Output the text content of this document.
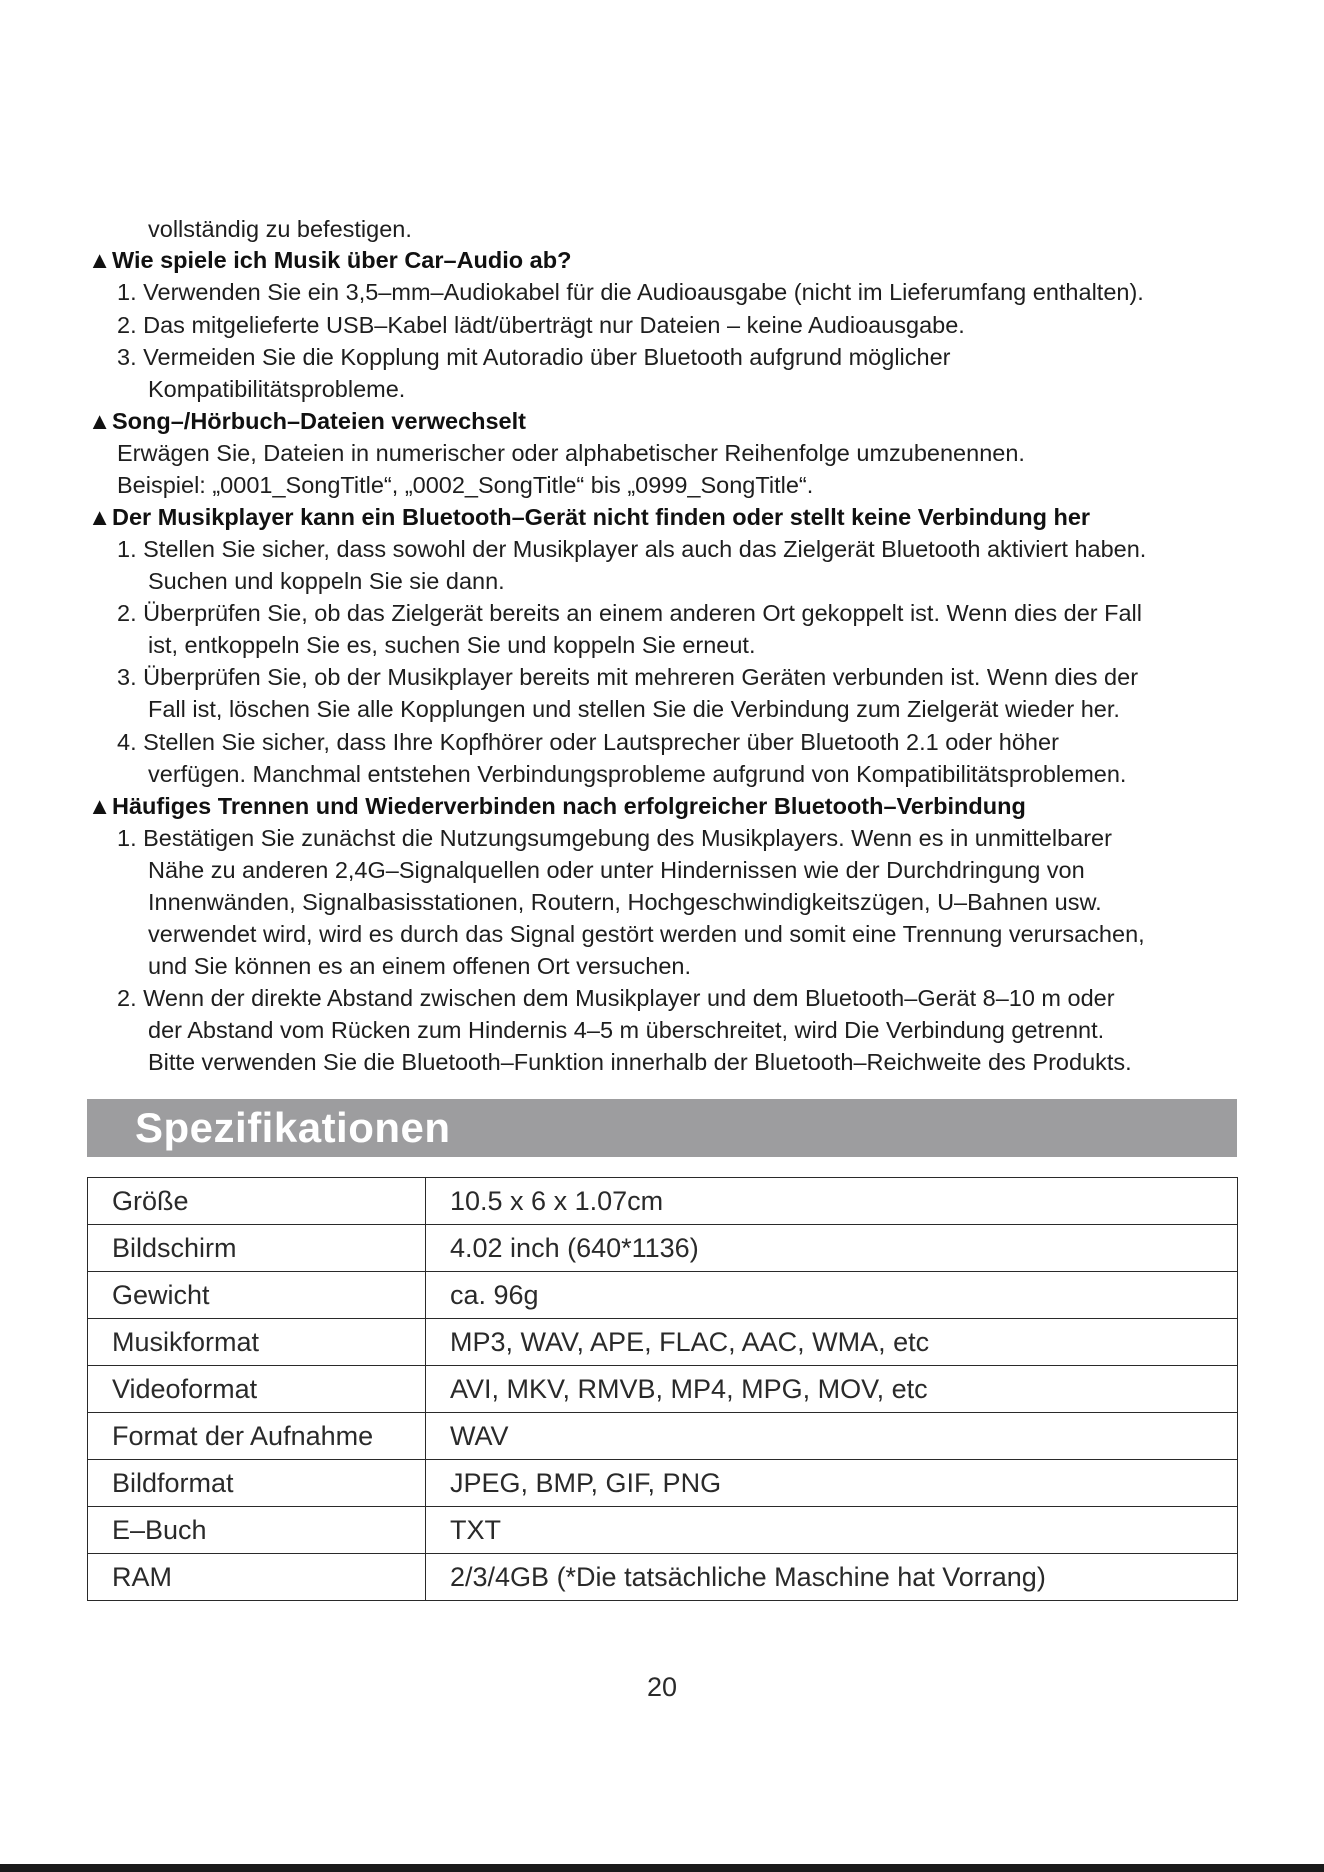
vollständig zu befestigen.
▲Wie spiele ich Musik über Car–Audio ab?
1. Verwenden Sie ein 3,5–mm–Audiokabel für die Audioausgabe (nicht im Lieferumfang enthalten).
2. Das mitgelieferte USB–Kabel lädt/überträgt nur Dateien – keine Audioausgabe.
3. Vermeiden Sie die Kopplung mit Autoradio über Bluetooth aufgrund möglicher
Kompatibilitätsprobleme.
▲Song–/Hörbuch–Dateien verwechselt
Erwägen Sie, Dateien in numerischer oder alphabetischer Reihenfolge umzubenennen.
Beispiel: „0001_SongTitle“, „0002_SongTitle“ bis „0999_SongTitle“.
▲Der Musikplayer kann ein Bluetooth–Gerät nicht finden oder stellt keine Verbindung her
1. Stellen Sie sicher, dass sowohl der Musikplayer als auch das Zielgerät Bluetooth aktiviert haben.
Suchen und koppeln Sie sie dann.
2. Überprüfen Sie, ob das Zielgerät bereits an einem anderen Ort gekoppelt ist. Wenn dies der Fall
ist, entkoppeln Sie es, suchen Sie und koppeln Sie erneut.
3. Überprüfen Sie, ob der Musikplayer bereits mit mehreren Geräten verbunden ist. Wenn dies der
Fall ist, löschen Sie alle Kopplungen und stellen Sie die Verbindung zum Zielgerät wieder her.
4. Stellen Sie sicher, dass Ihre Kopfhörer oder Lautsprecher über Bluetooth 2.1 oder höher
verfügen. Manchmal entstehen Verbindungsprobleme aufgrund von Kompatibilitätsproblemen.
▲Häufiges Trennen und Wiederverbinden nach erfolgreicher Bluetooth–Verbindung
1. Bestätigen Sie zunächst die Nutzungsumgebung des Musikplayers. Wenn es in unmittelbarer
Nähe zu anderen 2,4G–Signalquellen oder unter Hindernissen wie der Durchdringung von
Innenwänden, Signalbasisstationen, Routern, Hochgeschwindigkeitszügen, U–Bahnen usw.
verwendet wird, wird es durch das Signal gestört werden und somit eine Trennung verursachen,
und Sie können es an einem offenen Ort versuchen.
2. Wenn der direkte Abstand zwischen dem Musikplayer und dem Bluetooth–Gerät 8–10 m oder
der Abstand vom Rücken zum Hindernis 4–5 m überschreitet, wird Die Verbindung getrennt.
Bitte verwenden Sie die Bluetooth–Funktion innerhalb der Bluetooth–Reichweite des Produkts.
Spezifikationen
Größe	10.5 x 6 x 1.07cm
Bildschirm	4.02 inch (640*1136)
Gewicht	ca. 96g
Musikformat	MP3, WAV, APE, FLAC, AAC, WMA, etc
Videoformat	AVI, MKV, RMVB, MP4, MPG, MOV, etc
Format der Aufnahme	WAV
Bildformat	JPEG, BMP, GIF, PNG
E–Buch	TXT
RAM	2/3/4GB (*Die tatsächliche Maschine hat Vorrang)
20
